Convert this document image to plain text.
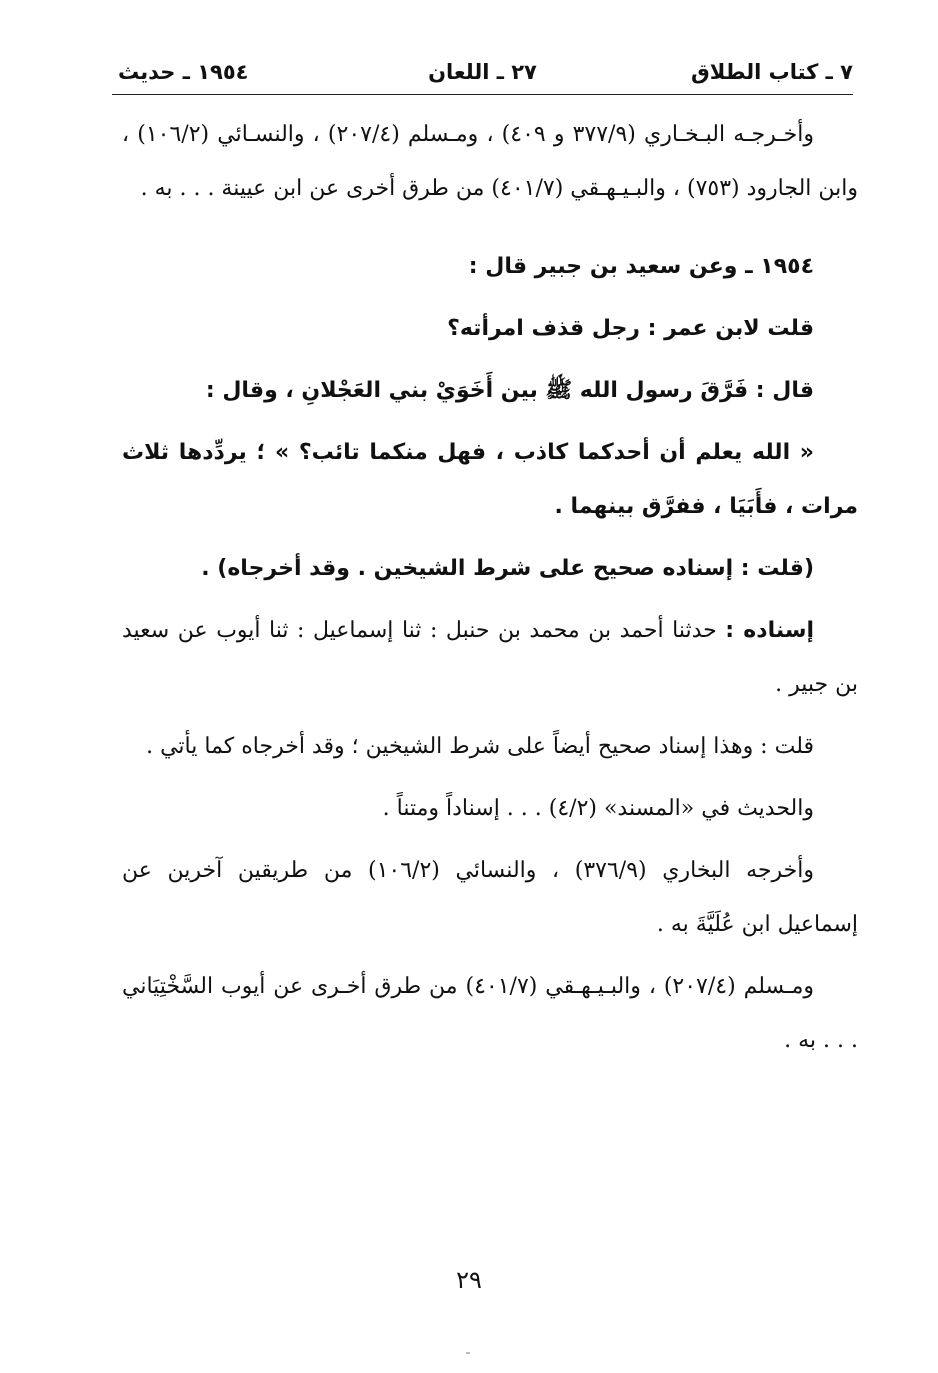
٧ ـ كتاب الطلاق
٢٧ ـ اللعان
١٩٥٤ ـ حديث

وأخـرجـه البـخـاري (٣٧٧/٩ و ٤٠٩) ، ومـسلم (٢٠٧/٤) ، والنسـائي (١٠٦/٢) ، وابن الجارود (٧٥٣) ، والبـيـهـقي (٤٠١/٧) من طرق أخرى عن ابن عيينة . . . به .

١٩٥٤ ـ وعن سعيد بن جبير قال :

قلت لابن عمر : رجل قذف امرأته؟

قال : فَرَّقَ رسول الله ﷺ بين أَخَوَيْ بني العَجْلانِ ، وقال :

« الله يعلم أن أحدكما كاذب ، فهل منكما تائب؟ » ؛ يردِّدها ثلاث مرات ، فأَبَيَا ، ففرَّق بينهما .

(قلت : إسناده صحيح على شرط الشيخين . وقد أخرجاه) .

إسناده : حدثنا أحمد بن محمد بن حنبل : ثنا إسماعيل : ثنا أيوب عن سعيد بن جبير .

قلت : وهذا إسناد صحيح أيضاً على شرط الشيخين ؛ وقد أخرجاه كما يأتي .

والحديث في «المسند» (٤/٢) . . . إسناداً ومتناً .

وأخرجه البخاري (٣٧٦/٩) ، والنسائي (١٠٦/٢) من طريقين آخرين عن إسماعيل ابن عُلَيَّةَ به .

ومـسلم (٢٠٧/٤) ، والبـيـهـقي (٤٠١/٧) من طرق أخـرى عن أيوب السَّخْتِيَاني . . . به .

٢٩
